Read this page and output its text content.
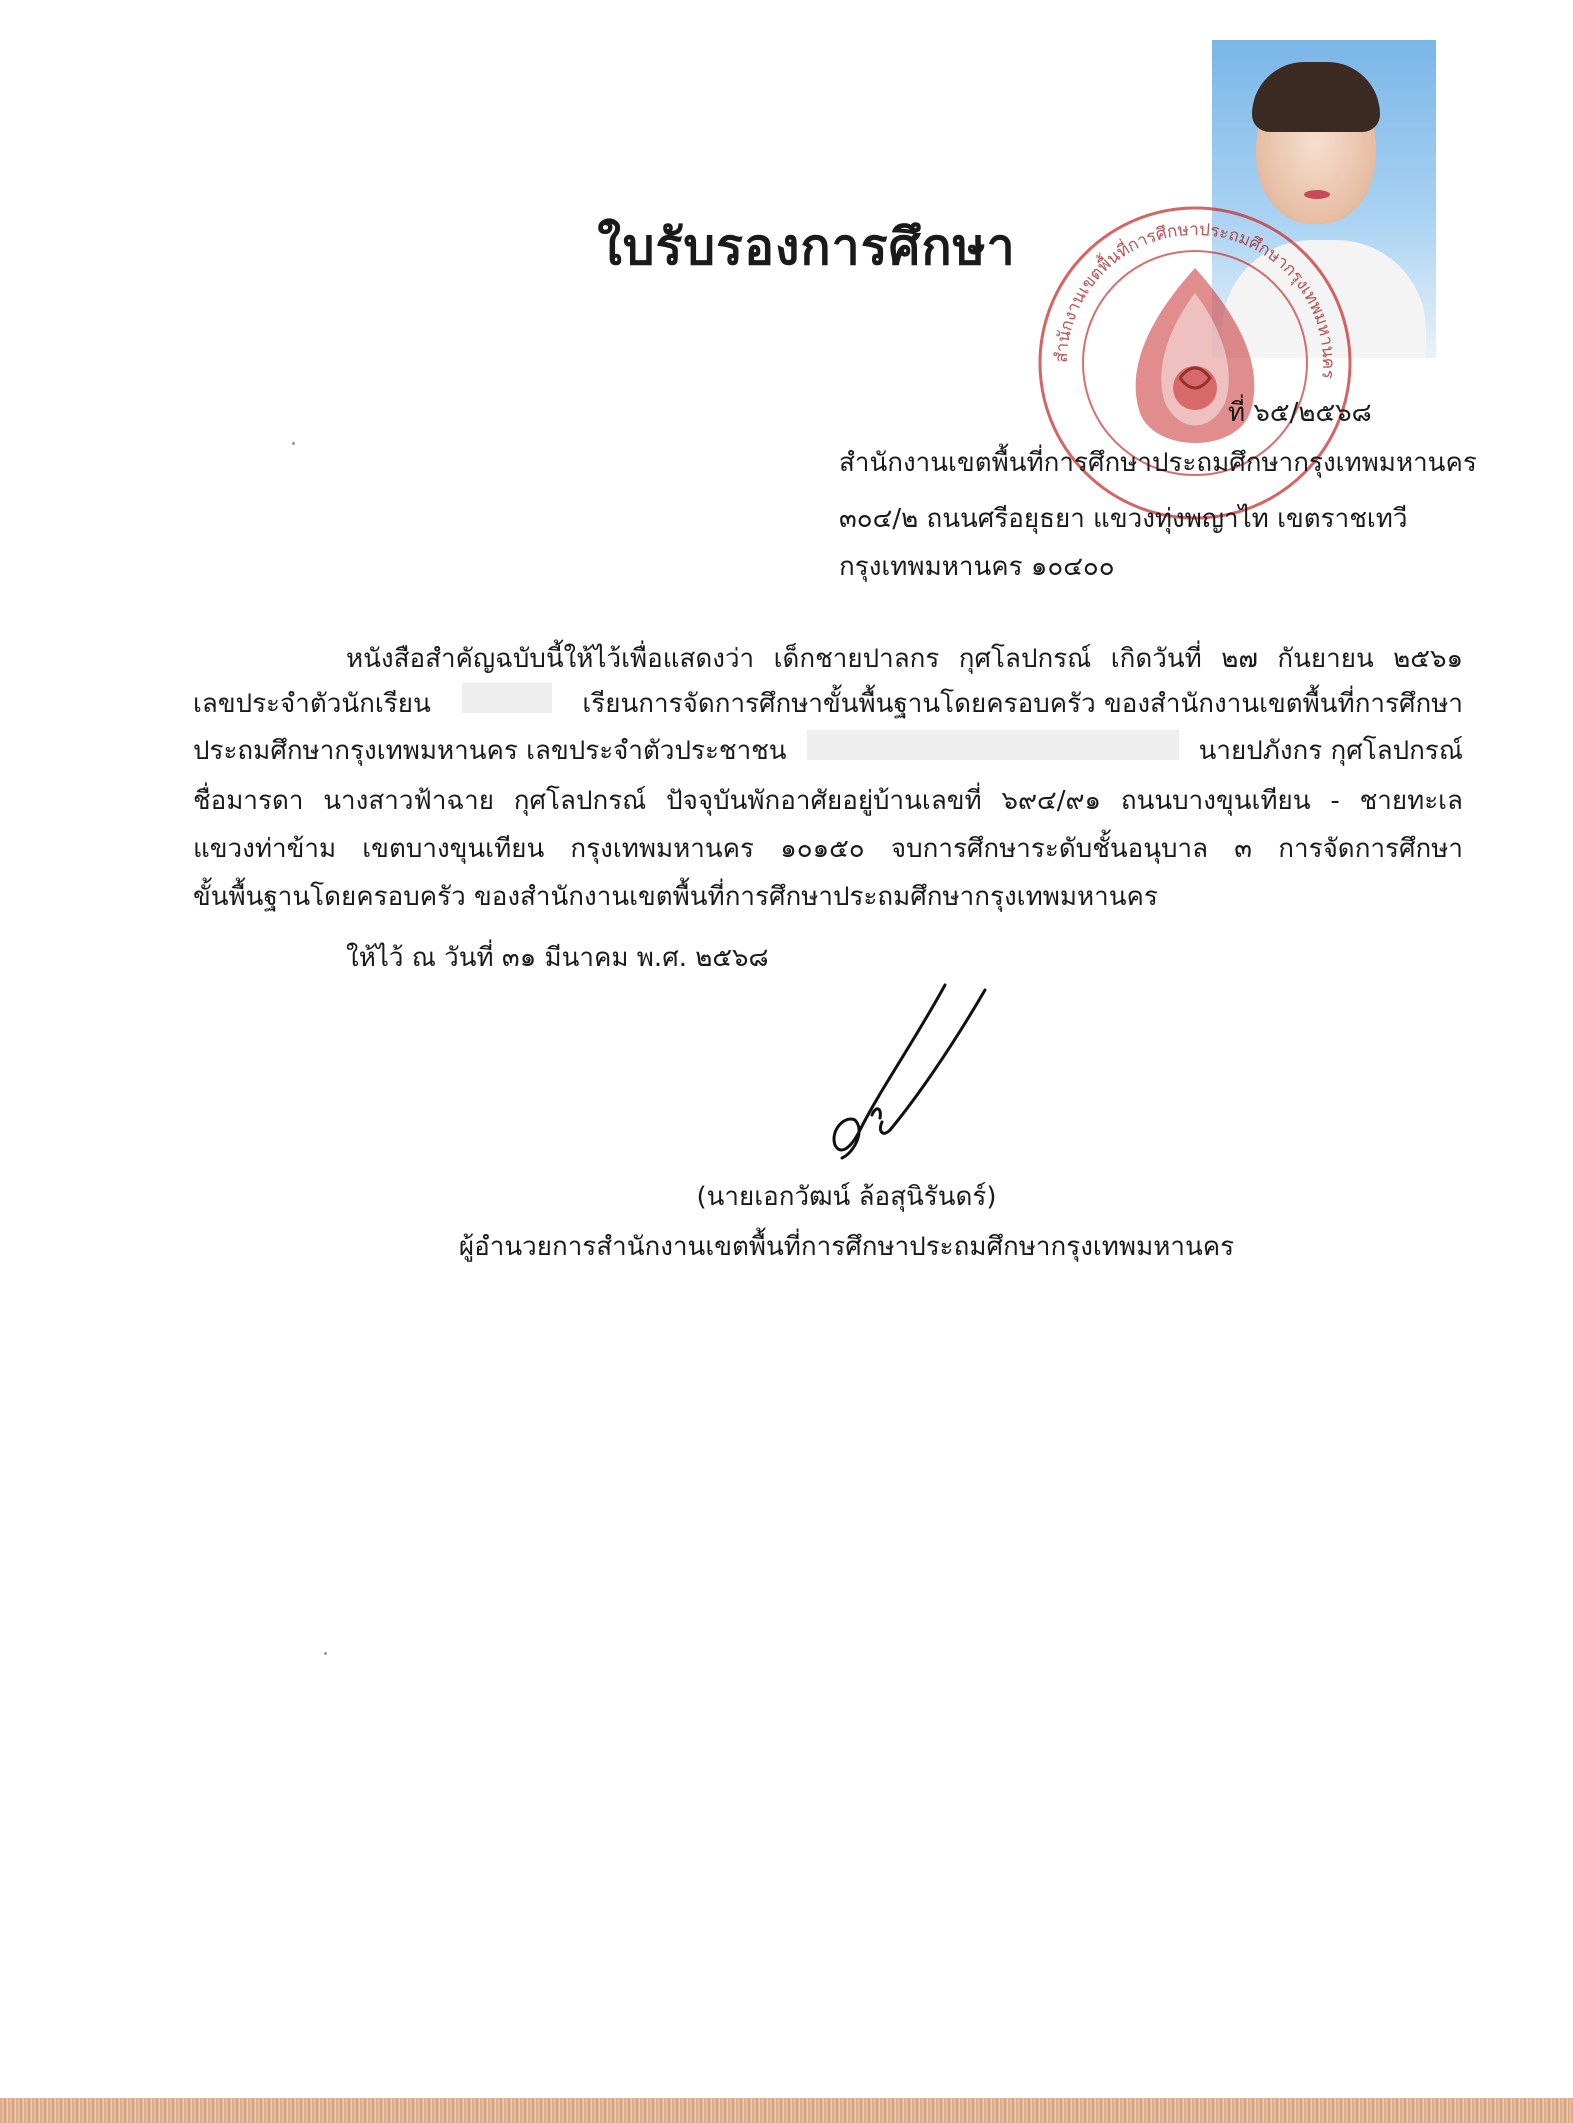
สำนักงานเขตพื้นที่การศึกษาประถมศึกษากรุงเทพมหานคร
ใบรับรองการศึกษา
ที่ ๖๕/๒๕๖๘
สำนักงานเขตพื้นที่การศึกษาประถมศึกษากรุงเทพมหานคร
๓๐๔/๒ ถนนศรีอยุธยา แขวงทุ่งพญาไท เขตราชเทวี
กรุงเทพมหานคร ๑๐๔๐๐
หนังสือสำคัญฉบับนี้ให้ไว้เพื่อแสดงว่า เด็กชายปาลกร กุศโลปกรณ์ เกิดวันที่ ๒๗ กันยายน ๒๕๖๑
เลขประจำตัวนักเรียน	เรียนการจัดการศึกษาขั้นพื้นฐานโดยครอบครัว ของสำนักงานเขตพื้นที่การศึกษา
ประถมศึกษากรุงเทพมหานคร เลขประจำตัวประชาชน	นายปภังกร กุศโลปกรณ์
ชื่อมารดา นางสาวฟ้าฉาย กุศโลปกรณ์ ปัจจุบันพักอาศัยอยู่บ้านเลขที่ ๖๙๔/๙๑ ถนนบางขุนเทียน - ชายทะเล
แขวงท่าข้าม เขตบางขุนเทียน กรุงเทพมหานคร ๑๐๑๕๐ จบการศึกษาระดับชั้นอนุบาล ๓ การจัดการศึกษา
ขั้นพื้นฐานโดยครอบครัว ของสำนักงานเขตพื้นที่การศึกษาประถมศึกษากรุงเทพมหานคร
ให้ไว้ ณ วันที่ ๓๑ มีนาคม พ.ศ. ๒๕๖๘
(นายเอกวัฒน์ ล้อสุนิรันดร์)
ผู้อำนวยการสำนักงานเขตพื้นที่การศึกษาประถมศึกษากรุงเทพมหานคร
